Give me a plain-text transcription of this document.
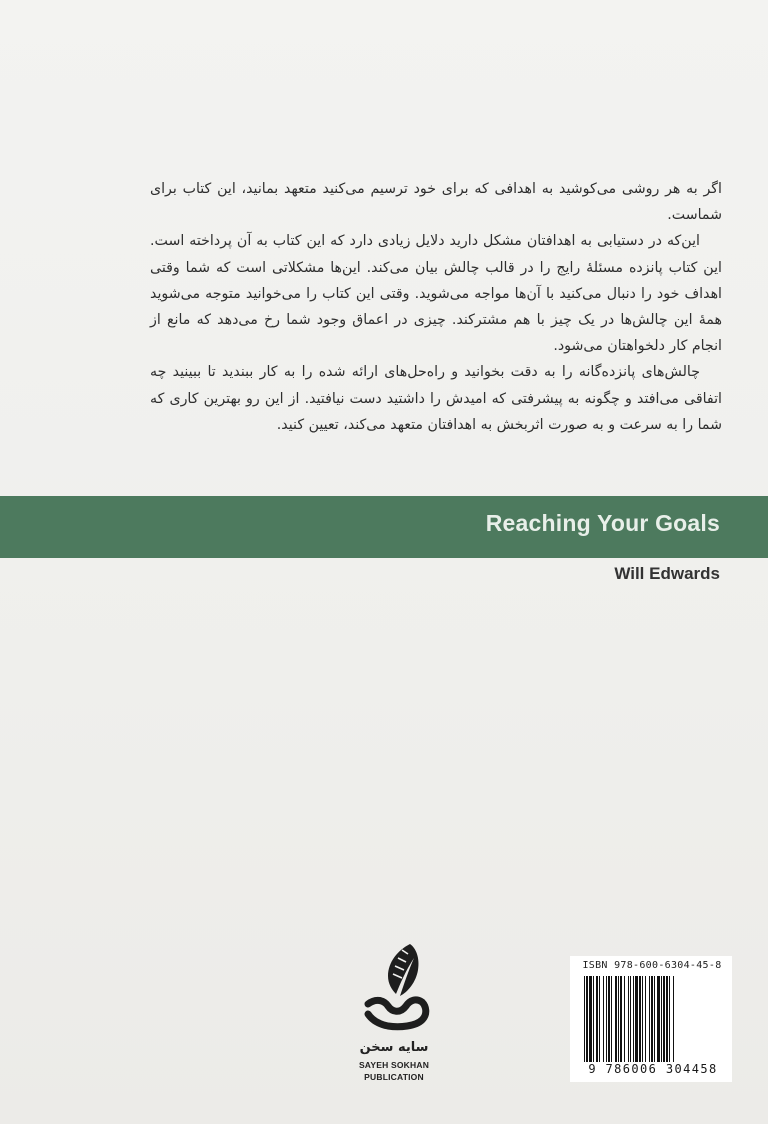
اگر به هر روشی می‌کوشید به اهدافی که برای خود ترسیم می‌کنید متعهد بمانید، این کتاب برای شماست.

این‌که در دستیابی به اهدافتان مشکل دارید دلایل زیادی دارد که این کتاب به آن پرداخته است. این کتاب پانزده مسئلهٔ رایج را در قالب چالش بیان می‌کند. این‌ها مشکلاتی است که شما وقتی اهداف خود را دنبال می‌کنید با آن‌ها مواجه می‌شوید. وقتی این کتاب را می‌خوانید متوجه می‌شوید همهٔ این چالش‌ها در یک چیز با هم مشترکند. چیزی در اعماق وجود شما رخ می‌دهد که مانع از انجام کار دلخواهتان می‌شود.

چالش‌های پانزده‌گانه را به دقت بخوانید و راه‌حل‌های ارائه شده را به کار ببندید تا ببینید چه اتفاقی می‌افتد و چگونه به پیشرفتی که امیدش را داشتید دست نیافتید. از این رو بهترین کاری که شما را به سرعت و به صورت اثربخش به اهدافتان متعهد می‌کند، تعیین کنید.

Reaching Your Goals
Will Edwards
سایه سخن
SAYEH SOKHAN
PUBLICATION
ISBN 978-600-6304-45-8
9 786006 304458
